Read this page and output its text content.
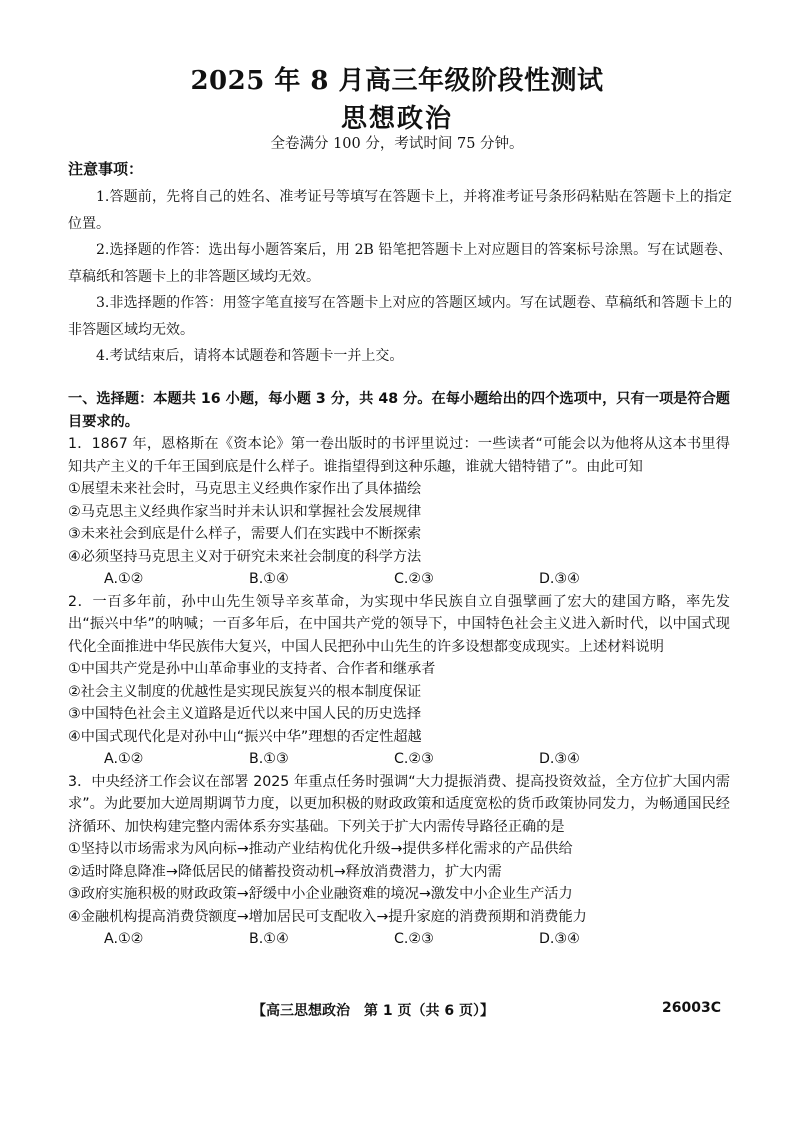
2025 年 8 月高三年级阶段性测试
思想政治
全卷满分 100 分，考试时间 75 分钟。
注意事项：

1.答题前，先将自己的姓名、准考证号等填写在答题卡上，并将准考证号条形码粘贴在答题卡上的指定位置。

2.选择题的作答：选出每小题答案后，用 2B 铅笔把答题卡上对应题目的答案标号涂黑。写在试题卷、草稿纸和答题卡上的非答题区域均无效。

3.非选择题的作答：用签字笔直接写在答题卡上对应的答题区域内。写在试题卷、草稿纸和答题卡上的非答题区域均无效。

4.考试结束后，请将本试题卷和答题卡一并上交。

一、选择题：本题共 16 小题，每小题 3 分，共 48 分。在每小题给出的四个选项中，只有一项是符合题目要求的。

1．1867 年，恩格斯在《资本论》第一卷出版时的书评里说过：一些读者“可能会以为他将从这本书里得知共产主义的千年王国到底是什么样子。谁指望得到这种乐趣，谁就大错特错了”。由此可知

①展望未来社会时，马克思主义经典作家作出了具体描绘

②马克思主义经典作家当时并未认识和掌握社会发展规律

③未来社会到底是什么样子，需要人们在实践中不断探索

④必须坚持马克思主义对于研究未来社会制度的科学方法

A.①②	B.①④	C.②③	D.③④

2．一百多年前，孙中山先生领导辛亥革命，为实现中华民族自立自强擘画了宏大的建国方略，率先发出“振兴中华”的呐喊；一百多年后，在中国共产党的领导下，中国特色社会主义进入新时代，以中国式现代化全面推进中华民族伟大复兴，中国人民把孙中山先生的许多设想都变成现实。上述材料说明

①中国共产党是孙中山革命事业的支持者、合作者和继承者

②社会主义制度的优越性是实现民族复兴的根本制度保证

③中国特色社会主义道路是近代以来中国人民的历史选择

④中国式现代化是对孙中山“振兴中华”理想的否定性超越

A.①②	B.①③	C.②③	D.③④

3．中央经济工作会议在部署 2025 年重点任务时强调“大力提振消费、提高投资效益，全方位扩大国内需求”。为此要加大逆周期调节力度，以更加积极的财政政策和适度宽松的货币政策协同发力，为畅通国民经济循环、加快构建完整内需体系夯实基础。下列关于扩大内需传导路径正确的是

①坚持以市场需求为风向标→推动产业结构优化升级→提供多样化需求的产品供给

②适时降息降准→降低居民的储蓄投资动机→释放消费潜力，扩大内需

③政府实施积极的财政政策→舒缓中小企业融资难的境况→激发中小企业生产活力

④金融机构提高消费贷额度→增加居民可支配收入→提升家庭的消费预期和消费能力

A.①②	B.①④	C.②③	D.③④
【高三思想政治　第 1 页（共 6 页）】	26003C
